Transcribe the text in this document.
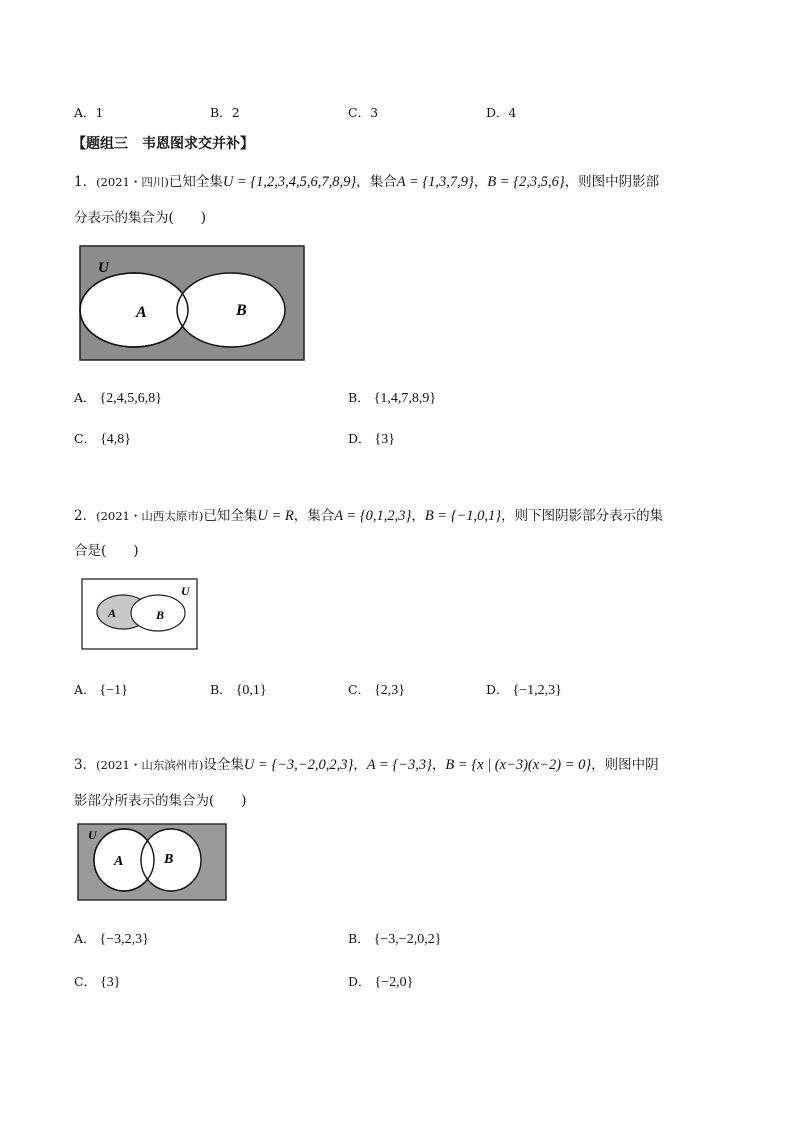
A．1	B．2	C．3	D．4
【题组三　韦恩图求交并补】
1．(2021・四川)已知全集U = {1,2,3,4,5,6,7,8,9}，集合A = {1,3,7,9}，B = {2,3,5,6}，则图中阴影部
分表示的集合为(　　)
U
A	B
A． {2,4,5,6,8}	B． {1,4,7,8,9}
C． {4,8}	D． {3}
2．(2021・山西太原市)已知全集U = R，集合A = {0,1,2,3}，B = {−1,0,1}，则下图阴影部分表示的集
合是(　　)
U
A	B
A． {−1}	B． {0,1}	C． {2,3}	D． {−1,2,3}
3．(2021・山东滨州市)设全集U = {−3,−2,0,2,3}，A = {−3,3}，B = {x | (x−3)(x−2) = 0}，则图中阴
影部分所表示的集合为(　　)
U
A	B
A． {−3,2,3}	B． {−3,−2,0,2}
C． {3}	D． {−2,0}
